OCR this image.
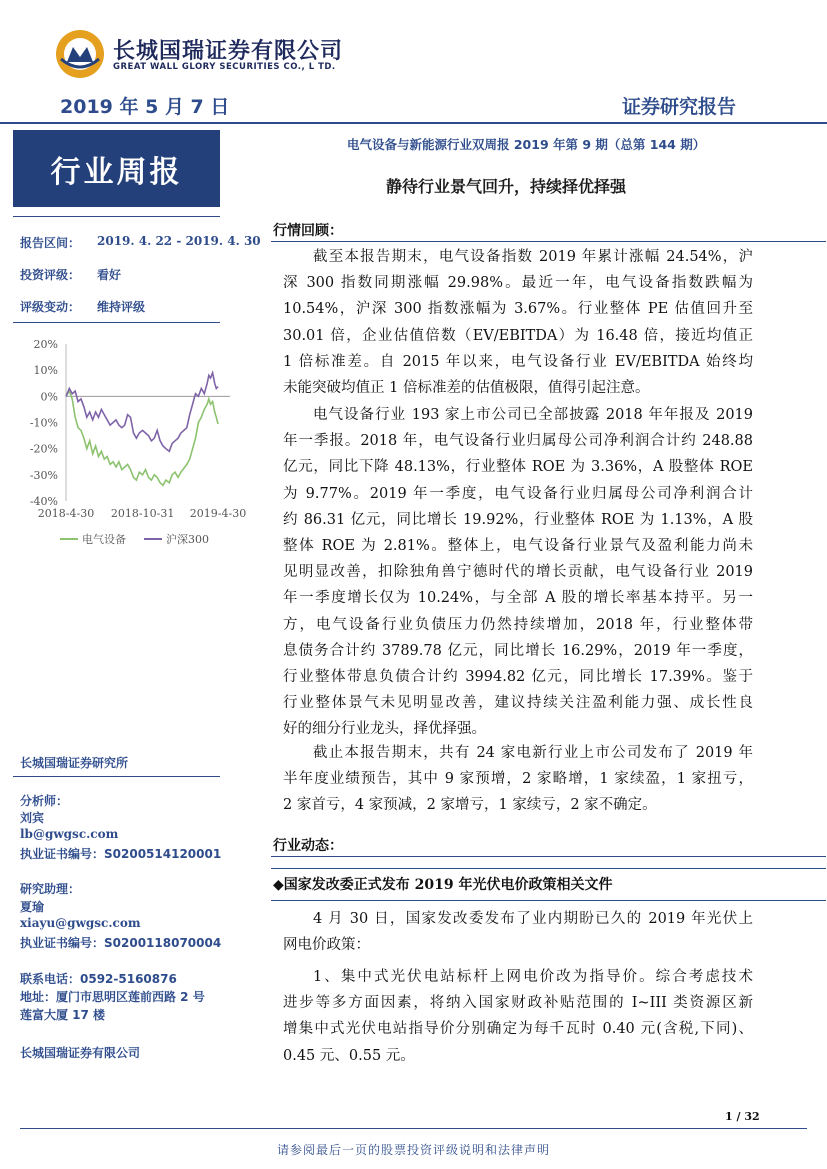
长城国瑞证券有限公司
GREAT WALL GLORY SECURITIES CO., L TD.
2019 年 5 月 7 日	证券研究报告
行业周报
报告区间： 2019. 4. 22 - 2019. 4. 30
投资评级： 看好
评级变动： 维持评级
20%
10%
0%
-10%
-20%
-30%
-40%
2018-4-30 2018-10-31 2019-4-30
电气设备	沪深300
长城国瑞证券研究所
分析师：
刘宾
lb@gwgsc.com
执业证书编号：S0200514120001
研究助理：
夏瑜
xiayu@gwgsc.com
执业证书编号：S0200118070004
联系电话：0592-5160876
地址：厦门市思明区莲前西路 2 号
莲富大厦 17 楼
长城国瑞证券有限公司
电气设备与新能源行业双周报 2019 年第 9 期（总第 144 期）
静待行业景气回升，持续择优择强
行情回顾：
截至本报告期末，电气设备指数 2019 年累计涨幅 24.54%，沪
深 300 指数同期涨幅 29.98%。最近一年，电气设备指数跌幅为
10.54%，沪深 300 指数涨幅为 3.67%。行业整体 PE 估值回升至
30.01 倍，企业估值倍数（EV/EBITDA）为 16.48 倍，接近均值正
1 倍标准差。自 2015 年以来，电气设备行业 EV/EBITDA 始终均
未能突破均值正 1 倍标准差的估值极限，值得引起注意。
电气设备行业 193 家上市公司已全部披露 2018 年年报及 2019
年一季报。2018 年，电气设备行业归属母公司净利润合计约 248.88
亿元，同比下降 48.13%，行业整体 ROE 为 3.36%，A 股整体 ROE
为 9.77%。2019 年一季度，电气设备行业归属母公司净利润合计
约 86.31 亿元，同比增长 19.92%，行业整体 ROE 为 1.13%，A 股
整体 ROE 为 2.81%。整体上，电气设备行业景气及盈利能力尚未
见明显改善，扣除独角兽宁德时代的增长贡献，电气设备行业 2019
年一季度增长仅为 10.24%，与全部 A 股的增长率基本持平。另一
方，电气设备行业负债压力仍然持续增加，2018 年，行业整体带
息债务合计约 3789.78 亿元，同比增长 16.29%，2019 年一季度，
行业整体带息负债合计约 3994.82 亿元，同比增长 17.39%。鉴于
行业整体景气未见明显改善，建议持续关注盈利能力强、成长性良
好的细分行业龙头，择优择强。
截止本报告期末，共有 24 家电新行业上市公司发布了 2019 年
半年度业绩预告，其中 9 家预增，2 家略增，1 家续盈，1 家扭亏，
2 家首亏，4 家预减，2 家增亏，1 家续亏，2 家不确定。
行业动态：
◆国家发改委正式发布 2019 年光伏电价政策相关文件
4 月 30 日，国家发改委发布了业内期盼已久的 2019 年光伏上
网电价政策：
1、集中式光伏电站标杆上网电价改为指导价。综合考虑技术
进步等多方面因素，将纳入国家财政补贴范围的 I~III 类资源区新
增集中式光伏电站指导价分别确定为每千瓦时 0.40 元(含税,下同)、
0.45 元、0.55 元。
1 / 32
请参阅最后一页的股票投资评级说明和法律声明
